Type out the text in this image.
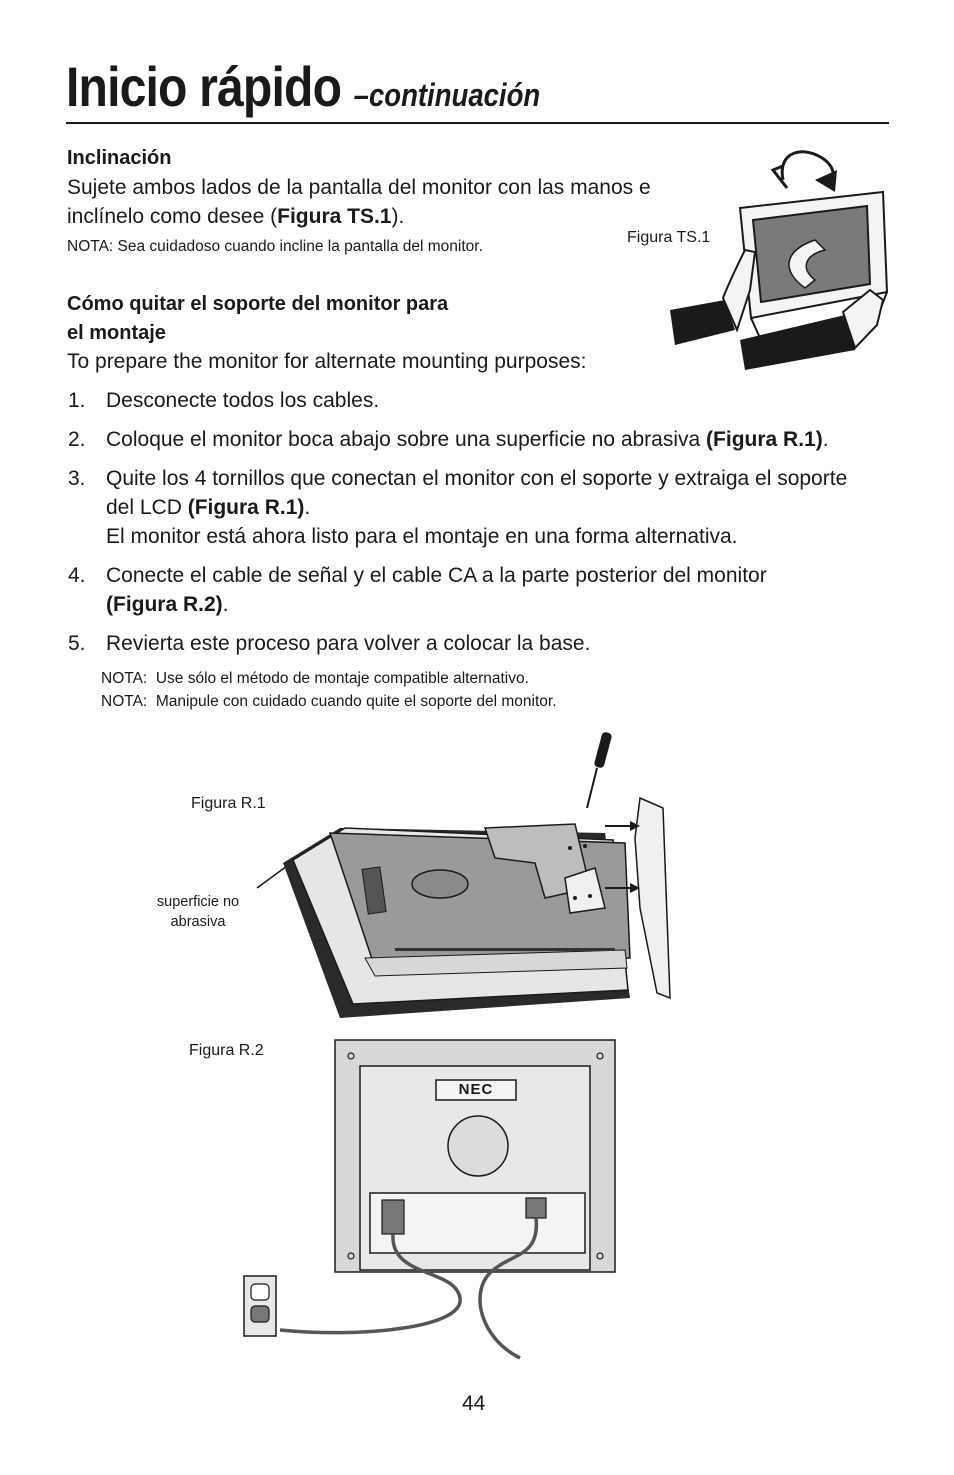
Inicio rápido –continuación
Inclinación
Sujete ambos lados de la pantalla del monitor con las manos e
inclínelo como desee (Figura TS.1).
NOTA: Sea cuidadoso cuando incline la pantalla del monitor.
Figura TS.1
Cómo quitar el soporte del monitor para
el montaje
To prepare the monitor for alternate mounting purposes:
1. Desconecte todos los cables.
2. Coloque el monitor boca abajo sobre una superficie no abrasiva (Figura R.1).
3. Quite los 4 tornillos que conectan el monitor con el soporte y extraiga el soporte
del LCD (Figura R.1).
El monitor está ahora listo para el montaje en una forma alternativa.
4. Conecte el cable de señal y el cable CA a la parte posterior del monitor
(Figura R.2).
5. Revierta este proceso para volver a colocar la base.
NOTA:  Use sólo el método de montaje compatible alternativo.
NOTA:  Manipule con cuidado cuando quite el soporte del monitor.
Figura R.1
superficie no
abrasiva
Figura R.2
NEC
44
